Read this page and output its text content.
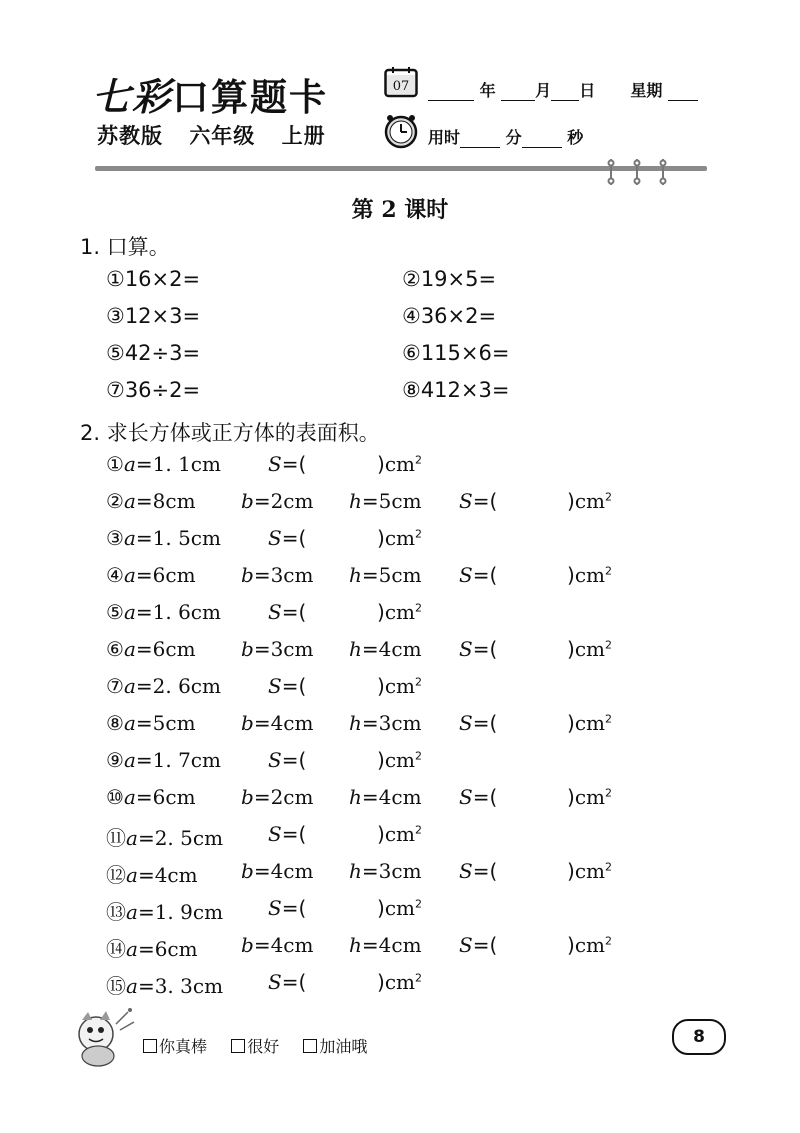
七彩口算题卡
苏教版 六年级 上册
07	年 月 日 星期
用时	分	秒
第 2 课时
1. 口算。
①16×2=	②19×5=
③12×3=	④36×2=
⑤42÷3=	⑥115×6=
⑦36÷2=	⑧412×3=
2. 求长方体或正方体的表面积。
①a=1. 1cm S=(	)$cm^2$
②a=8cm b=2cm h=5cm S=(	)$cm^2$
③a=1. 5cm S=(	)$cm^2$
④a=6cm b=3cm h=5cm S=(	)$cm^2$
⑤a=1. 6cm S=(	)$cm^2$
⑥a=6cm b=3cm h=4cm S=(	)$cm^2$
⑦a=2. 6cm S=(	)$cm^2$
⑧a=5cm b=4cm h=3cm S=(	)$cm^2$
⑨a=1. 7cm S=(	)$cm^2$
⑩a=6cm b=2cm h=4cm S=(	)$cm^2$
⑪a=2. 5cm S=(	)$cm^2$
⑫a=4cm b=4cm h=3cm S=(	)$cm^2$
⑬a=1. 9cm S=(	)$cm^2$
⑭a=6cm b=4cm h=4cm S=(	)$cm^2$
⑮a=3. 3cm S=(	)$cm^2$
你真棒	很好	加油哦	8
